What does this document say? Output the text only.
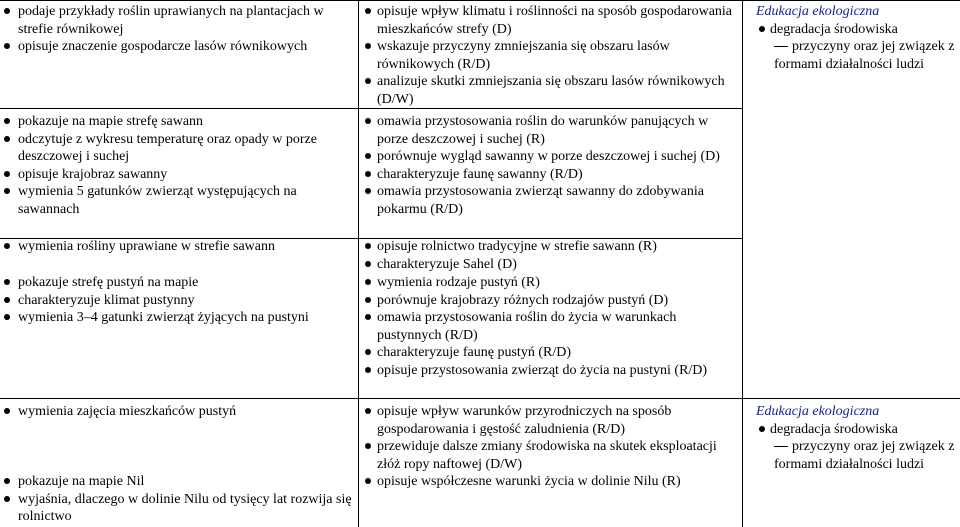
podaje przykłady roślin uprawianych na plantacjach w strefie równikowej
opisuje znaczenie gospodarcze lasów równikowych
pokazuje na mapie strefę sawann
odczytuje z wykresu temperaturę oraz opady w porze deszczowej i suchej
opisuje krajobraz sawanny
wymienia 5 gatunków zwierząt występujących na sawannach
wymienia rośliny uprawiane w strefie sawann
pokazuje strefę pustyń na mapie
charakteryzuje klimat pustynny
wymienia 3–4 gatunki zwierząt żyjących na pustyni
wymienia zajęcia mieszkańców pustyń
pokazuje na mapie Nil
wyjaśnia, dlaczego w dolinie Nilu od tysięcy lat rozwija się rolnictwo
opisuje wpływ klimatu i roślinności na sposób gospodarowania mieszkańców strefy (D)
wskazuje przyczyny zmniejszania się obszaru lasów równikowych (R/D)
analizuje skutki zmniejszania się obszaru lasów równikowych (D/W)
omawia przystosowania roślin do warunków panujących w porze deszczowej i suchej (R)
porównuje wygląd sawanny w porze deszczowej i suchej (D)
charakteryzuje faunę sawanny (R/D)
omawia przystosowania zwierząt sawanny do zdobywania pokarmu (R/D)
opisuje rolnictwo tradycyjne w strefie sawann (R)
charakteryzuje Sahel (D)
wymienia rodzaje pustyń (R)
porównuje krajobrazy różnych rodzajów pustyń (D)
omawia przystosowania roślin do życia w warunkach pustynnych (R/D)
charakteryzuje faunę pustyń (R/D)
opisuje przystosowania zwierząt do życia na pustyni (R/D)
opisuje wpływ warunków przyrodniczych na sposób gospodarowania i gęstość zaludnienia (R/D)
przewiduje dalsze zmiany środowiska na skutek eksploatacji złóż ropy naftowej (D/W)
opisuje współczesne warunki życia w dolinie Nilu (R)
Edukacja ekologiczna
degradacja środowiska
przyczyny oraz jej związek z formami działalności ludzi
Edukacja ekologiczna
degradacja środowiska
przyczyny oraz jej związek z formami działalności ludzi
